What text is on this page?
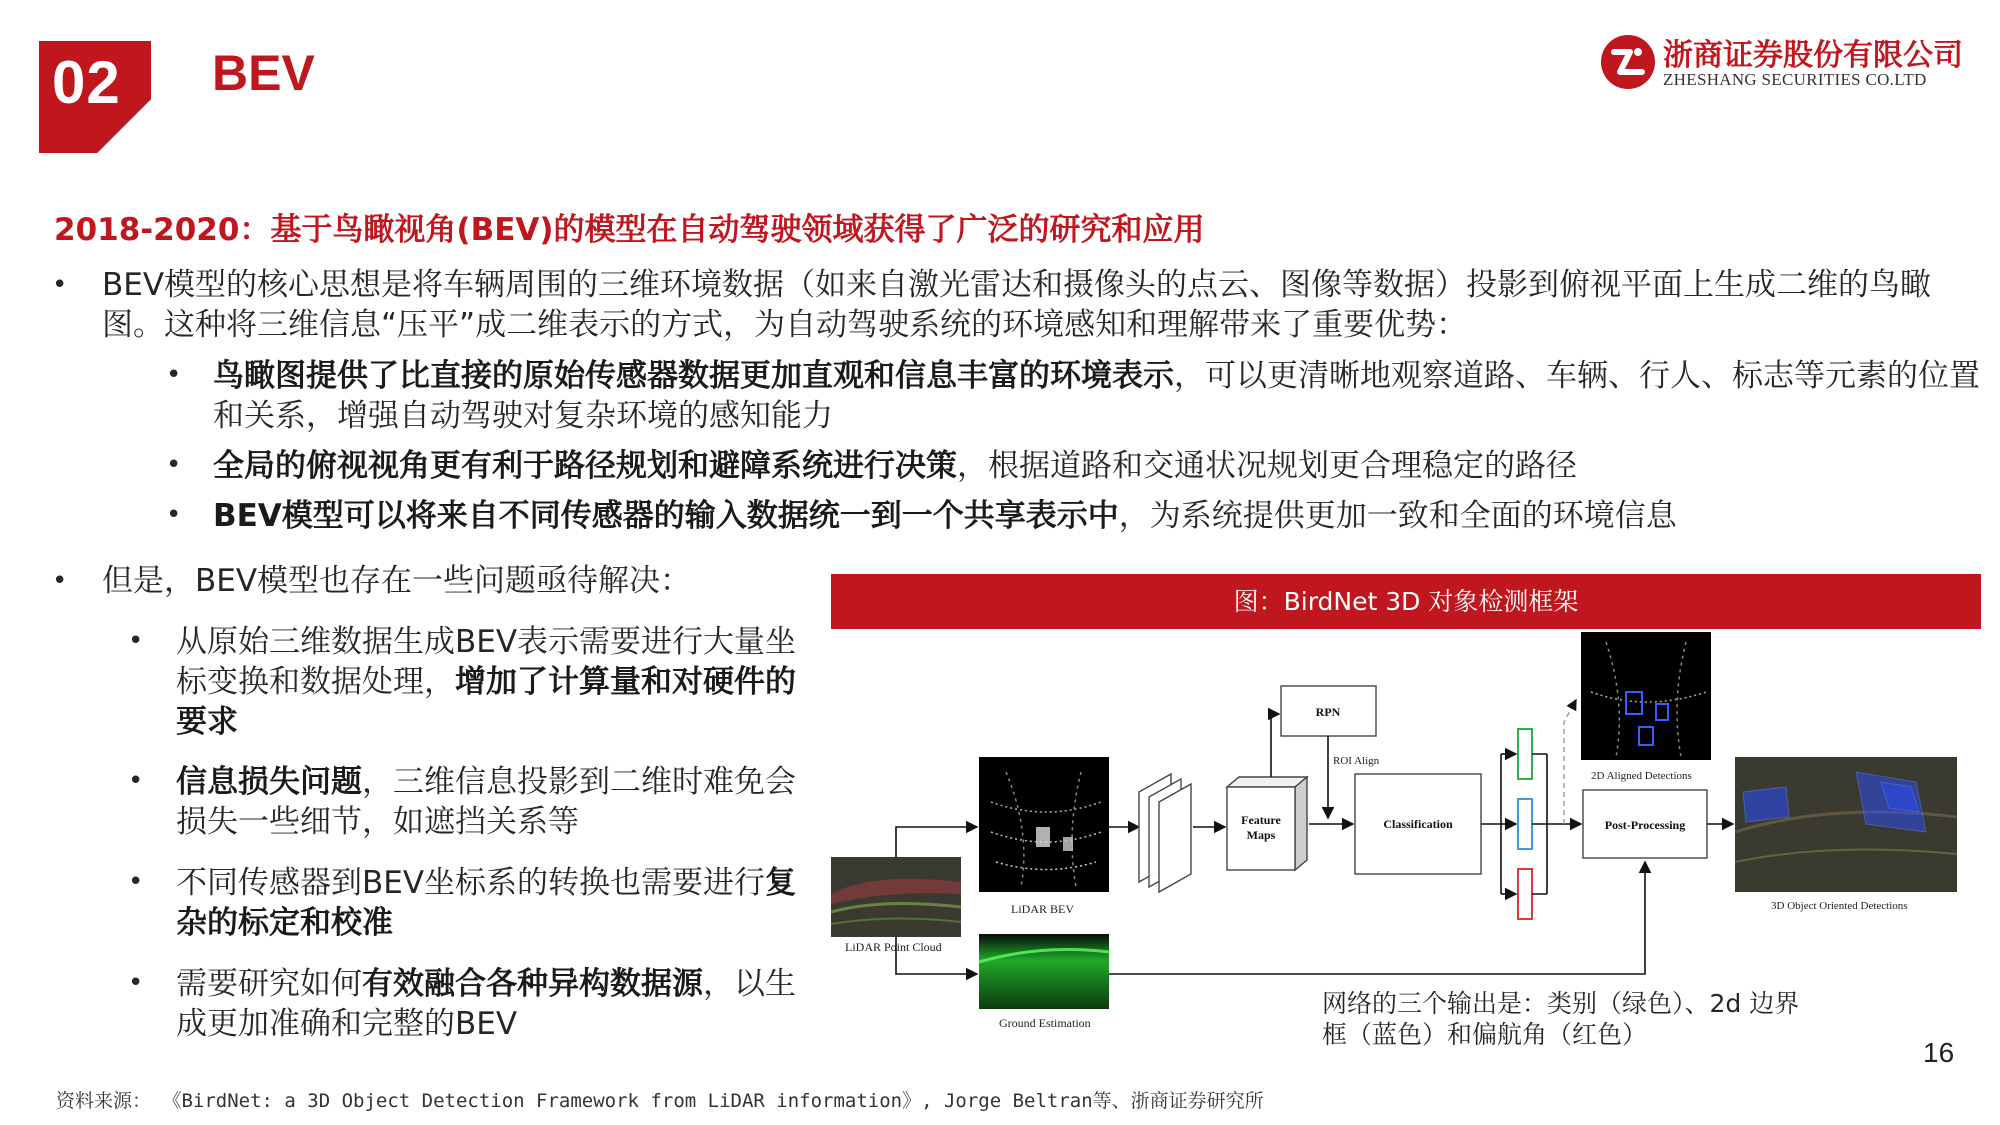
02 BEV	浙商证券股份有限公司
ZHESHANG SECURITIES CO.LTD
2018-2020：基于鸟瞰视角(BEV)的模型在自动驾驶领域获得了广泛的研究和应用
• BEV模型的核心思想是将车辆周围的三维环境数据（如来自激光雷达和摄像头的点云、图像等数据）投影到俯视平面上生成二维的鸟瞰图。这种将三维信息“压平”成二维表示的方式，为自动驾驶系统的环境感知和理解带来了重要优势：
• 鸟瞰图提供了比直接的原始传感器数据更加直观和信息丰富的环境表示，可以更清晰地观察道路、车辆、行人、标志等元素的位置和关系，增强自动驾驶对复杂环境的感知能力
• 全局的俯视视角更有利于路径规划和避障系统进行决策，根据道路和交通状况规划更合理稳定的路径
• BEV模型可以将来自不同传感器的输入数据统一到一个共享表示中，为系统提供更加一致和全面的环境信息
• 但是，BEV模型也存在一些问题亟待解决：
• 从原始三维数据生成BEV表示需要进行大量坐标变换和数据处理，增加了计算量和对硬件的要求
• 信息损失问题，三维信息投影到二维时难免会损失一些细节，如遮挡关系等
• 不同传感器到BEV坐标系的转换也需要进行复杂的标定和校准
• 需要研究如何有效融合各种异构数据源，以生成更加准确和完整的BEV
图：BirdNet 3D 对象检测框架
LiDAR Point Cloud
LiDAR BEV
Ground Estimation
Feature
Maps
RPN
ROI Align
Classification	Post-Processing
2D Aligned Detections
3D Object Oriented Detections
网络的三个输出是：类别（绿色）、2d 边界框（蓝色）和偏航角（红色）
16
资料来源： 《BirdNet: a 3D Object Detection Framework from LiDAR information》, Jorge Beltran等、浙商证券研究所
